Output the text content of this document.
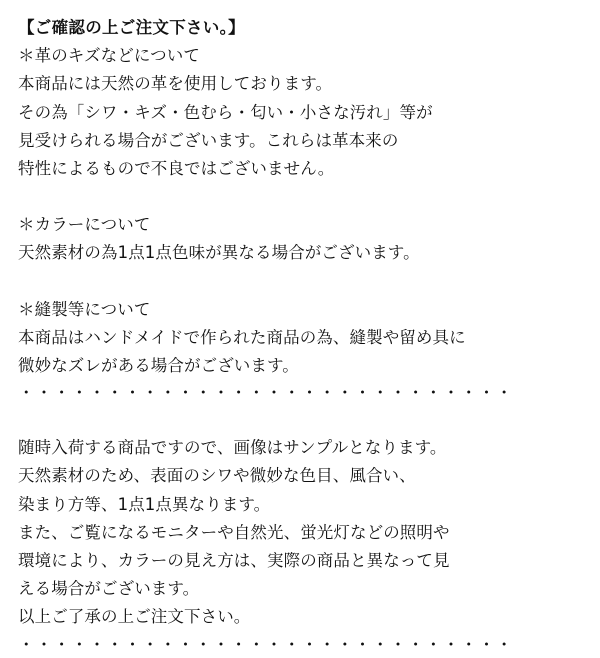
【ご確認の上ご注文下さい。】
＊革のキズなどについて
本商品には天然の革を使用しております。
その為「シワ・キズ・色むら・匂い・小さな汚れ」等が
見受けられる場合がございます。これらは革本来の
特性によるもので不良ではございません。
＊カラーについて
天然素材の為1点1点色味が異なる場合がございます。
＊縫製等について
本商品はハンドメイドで作られた商品の為、縫製や留め具に
微妙なズレがある場合がございます。
・・・・・・・・・・・・・・・・・・・・・・・・・・・・
随時入荷する商品ですので、画像はサンプルとなります。
天然素材のため、表面のシワや微妙な色目、風合い、
染まり方等、1点1点異なります。
また、ご覧になるモニターや自然光、蛍光灯などの照明や
環境により、カラーの見え方は、実際の商品と異なって見
える場合がございます。
以上ご了承の上ご注文下さい。
・・・・・・・・・・・・・・・・・・・・・・・・・・・・
